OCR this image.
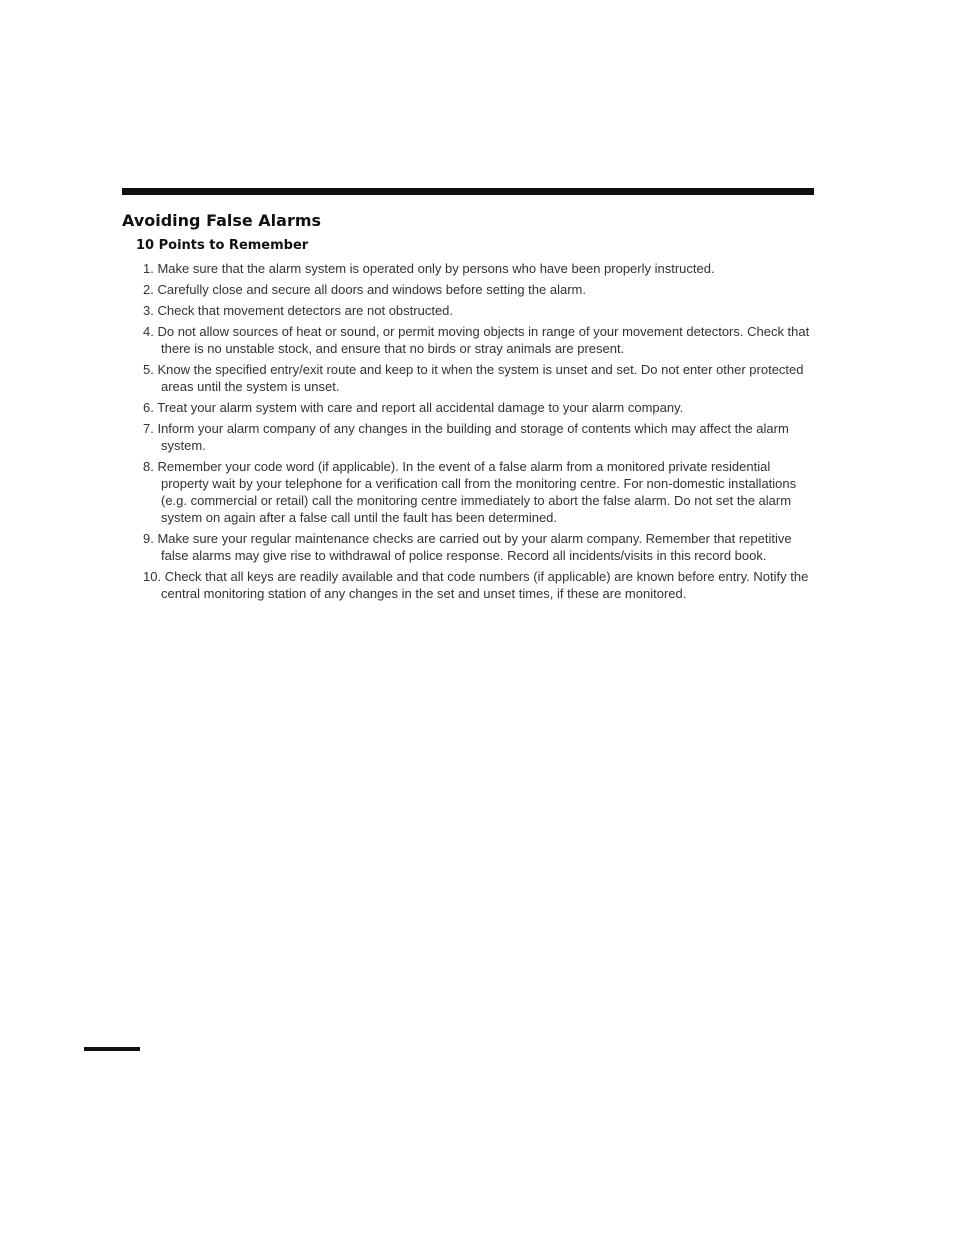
Avoiding False Alarms
10 Points to Remember
1. Make sure that the alarm system is operated only by persons who have been properly instructed.
2. Carefully close and secure all doors and windows before setting the alarm.
3. Check that movement detectors are not obstructed.
4. Do not allow sources of heat or sound, or permit moving objects in range of your movement detectors. Check that there is no unstable stock, and ensure that no birds or stray animals are present.
5. Know the specified entry/exit route and keep to it when the system is unset and set. Do not enter other protected areas until the system is unset.
6. Treat your alarm system with care and report all accidental damage to your alarm company.
7. Inform your alarm company of any changes in the building and storage of contents which may affect the alarm system.
8. Remember your code word (if applicable). In the event of a false alarm from a monitored private residential property wait by your telephone for a verification call from the monitoring centre. For non-domestic installations (e.g. commercial or retail) call the monitoring centre immediately to abort the false alarm. Do not set the alarm system on again after a false call until the fault has been determined.
9. Make sure your regular maintenance checks are carried out by your alarm company. Remember that repetitive false alarms may give rise to withdrawal of police response. Record all incidents/visits in this record book.
10. Check that all keys are readily available and that code numbers (if applicable) are known before entry. Notify the central monitoring station of any changes in the set and unset times, if these are monitored.
